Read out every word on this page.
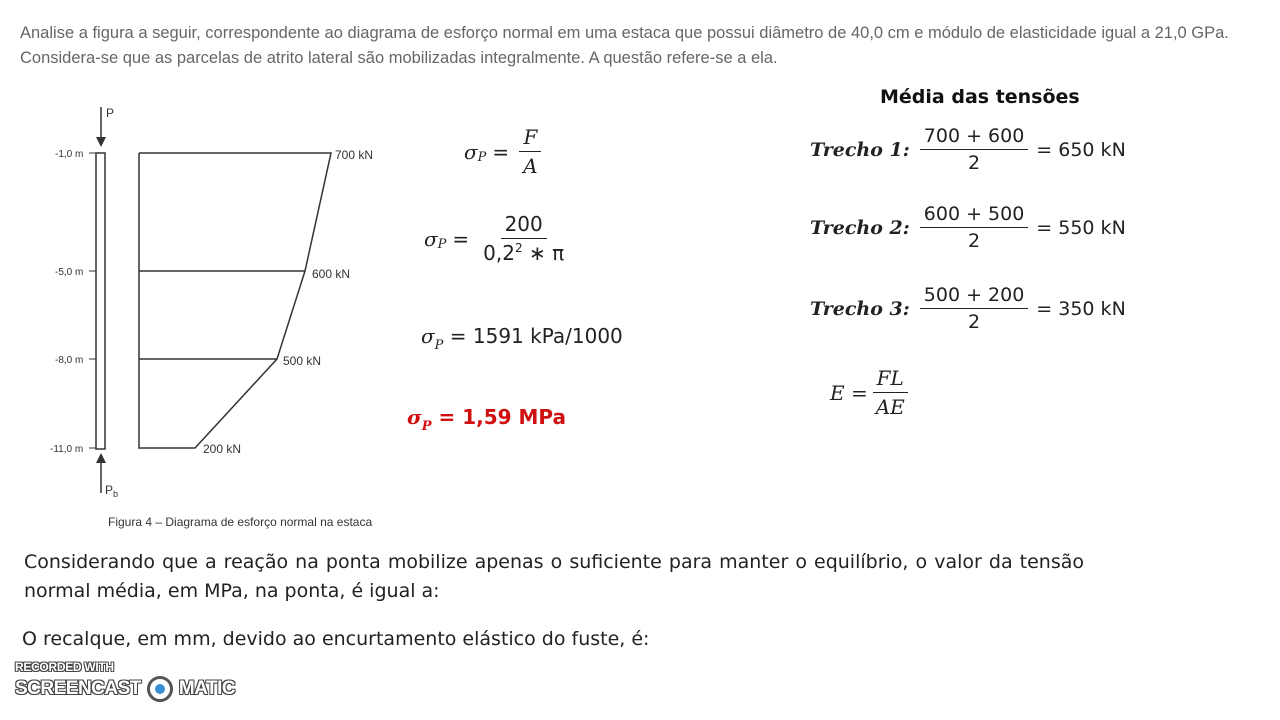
Analise a figura a seguir, correspondente ao diagrama de esforço normal em uma estaca que possui diâmetro de 40,0 cm e módulo de elasticidade igual a 21,0 GPa. Considera-se que as parcelas de atrito lateral são mobilizadas integralmente. A questão refere-se a ela.
P
$P_b$
-1,0 m
-5,0 m
-8,0 m
-11,0 m
700 kN
600 kN
500 kN
200 kN
Figura 4 – Diagrama de esforço normal na estaca
σ $P = \frac{F}{A}$
σ $P = \frac{200}{0,2^2 ∗ \pi}$
$\sigma_P = 1591$ kPa/1000
$\sigma_P = 1,59$ MPa
Média das tensões
Trecho 1: $\frac{700 + 600}{2} = 650$ kN
Trecho 2: $\frac{600 + 500}{2} = 550$ kN
Trecho 3: $\frac{500 + 200}{2} = 350$ kN
$E = \frac{FL}{AE}$
Considerando que a reação na ponta mobilize apenas o suficiente para manter o equilíbrio, o valor da tensão normal média, em MPa, na ponta, é igual a:
O recalque, em mm, devido ao encurtamento elástico do fuste, é:
RECORDED WITH
SCREENCAST MATIC
